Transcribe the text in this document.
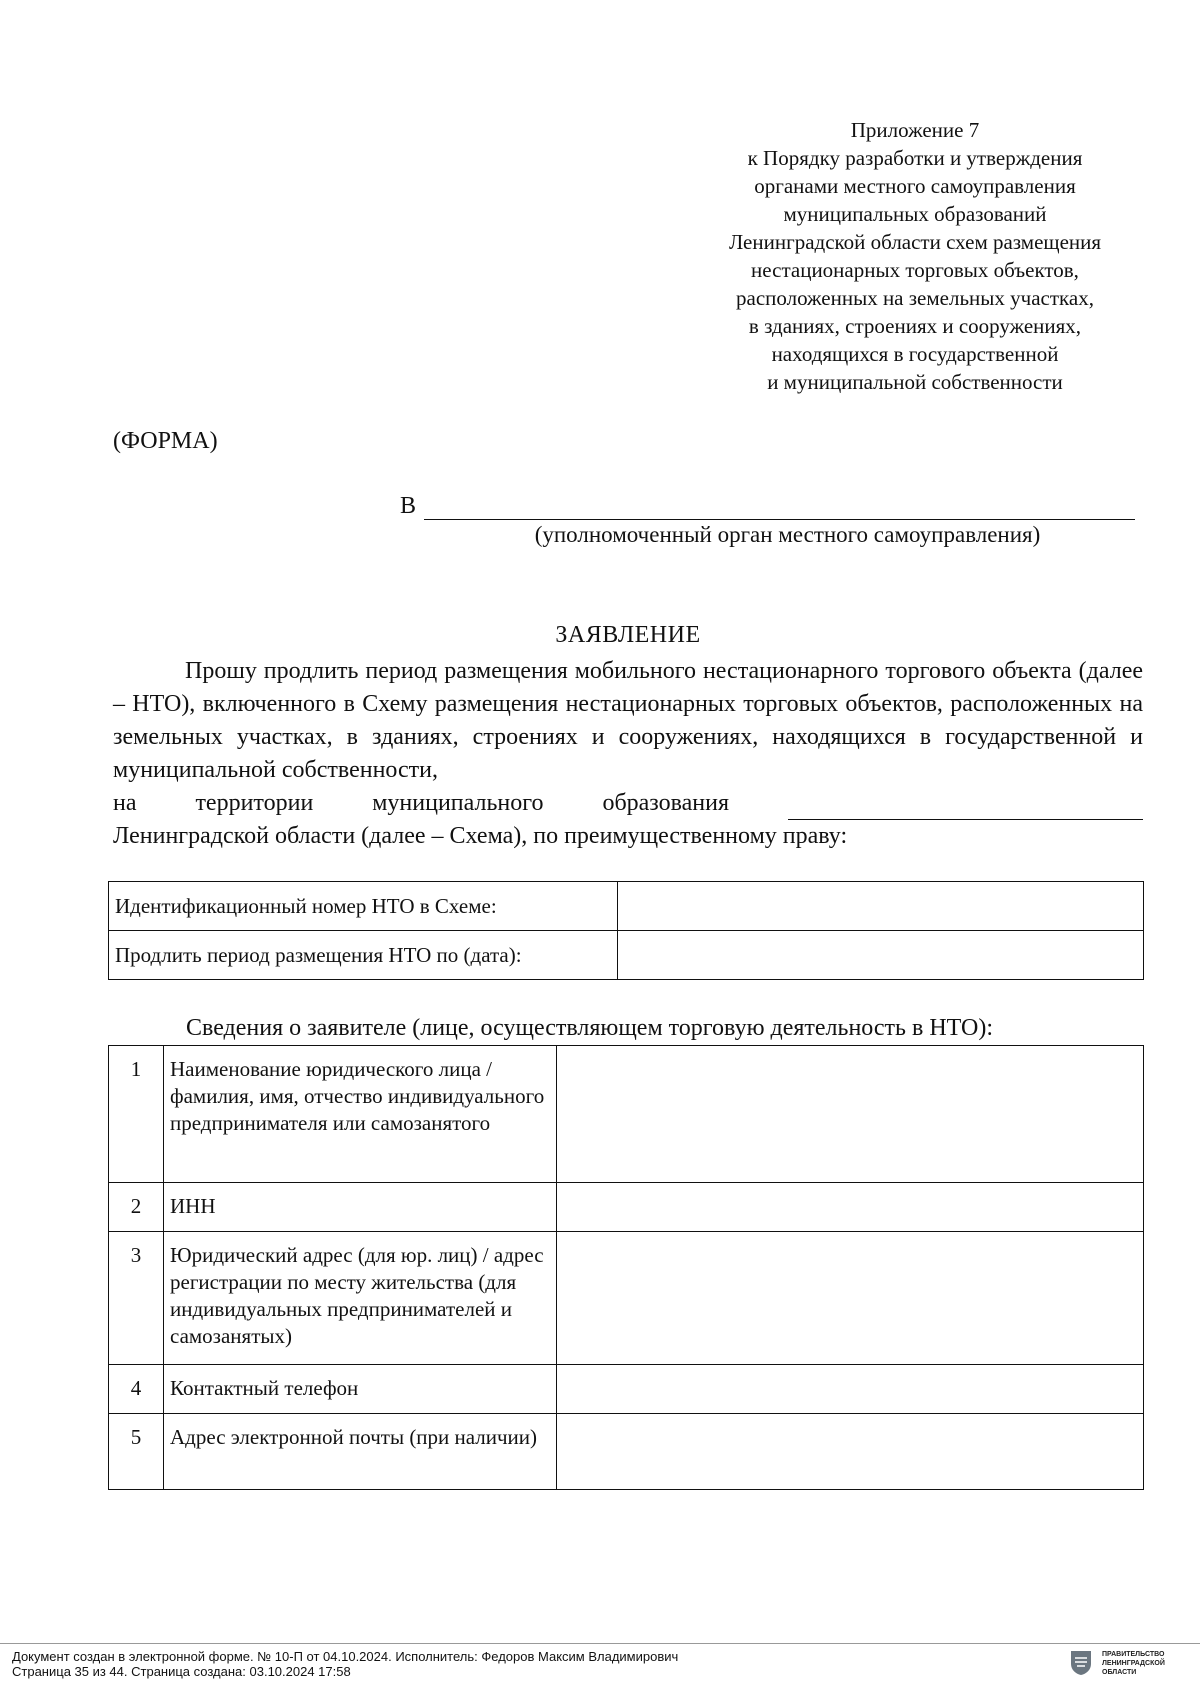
Приложение 7
к Порядку разработки и утверждения
органами местного самоуправления
муниципальных образований
Ленинградской области схем размещения
нестационарных торговых объектов,
расположенных на земельных участках,
в зданиях, строениях и сооружениях,
находящихся в государственной
и муниципальной собственности
(ФОРМА)
В
(уполномоченный орган местного самоуправления)
ЗАЯВЛЕНИЕ

Прошу продлить период размещения мобильного нестационарного торгового объекта (далее – НТО), включенного в Схему размещения нестационарных торговых объектов, расположенных на земельных участках, в зданиях, строениях и сооружениях, находящихся в государственной и муниципальной собственности,

на территории муниципального образования
Ленинградской области (далее – Схема), по преимущественному праву:
Идентификационный номер НТО в Схеме:	
Продлить период размещения НТО по (дата):	
Сведения о заявителе (лице, осуществляющем торговую деятельность в НТО):
1	Наименование юридического лица / фамилия, имя, отчество индивидуального предпринимателя или самозанятого	
2	ИНН	
3	Юридический адрес (для юр. лиц) / адрес регистрации по месту жительства (для индивидуальных предпринимателей и самозанятых)	
4	Контактный телефон	
5	Адрес электронной почты (при наличии)	
Документ создан в электронной форме. № 10-П от 04.10.2024. Исполнитель: Федоров Максим Владимирович
Страница 35 из 44. Страница создана: 03.10.2024 17:58
ПРАВИТЕЛЬСТВО
ЛЕНИНГРАДСКОЙ
ОБЛАСТИ
